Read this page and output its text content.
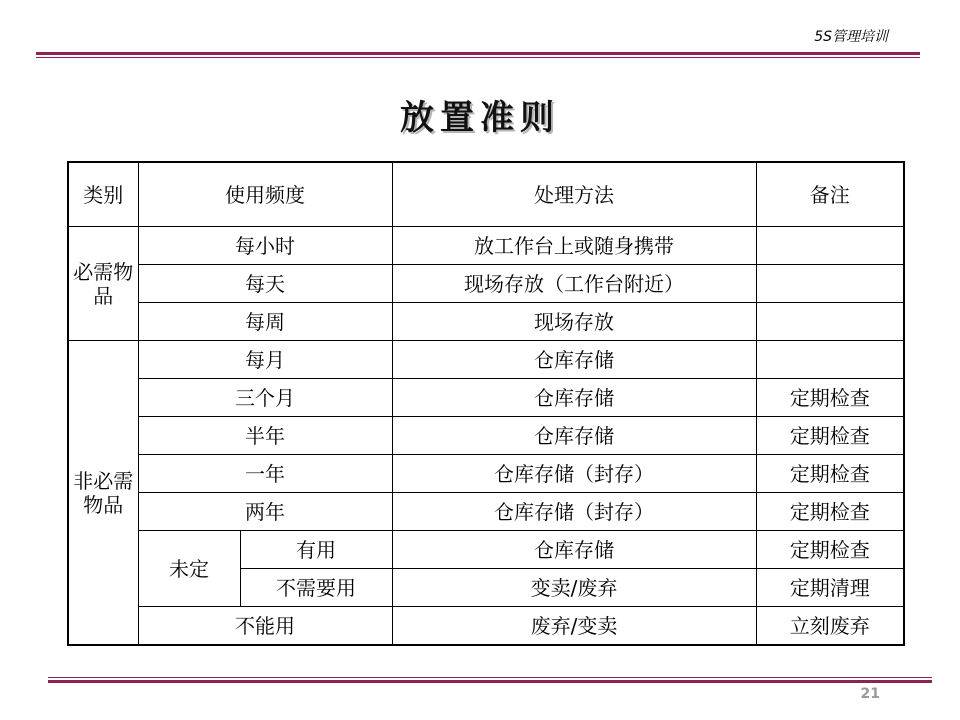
5S管理培训
放置准则
类别	使用频度		处理方法	备注
必需物品	每小时		放工作台上或随身携带	
	每天		现场存放（工作台附近）	
	每周		现场存放	
非必需物品	每月		仓库存储	
	三个月		仓库存储	定期检查
	半年		仓库存储	定期检查
	一年		仓库存储（封存）	定期检查
	两年		仓库存储（封存）	定期检查
	未定	有用	仓库存储	定期检查
		不需要用	变卖/废弃	定期清理
	不能用		废弃/变卖	立刻废弃
21
